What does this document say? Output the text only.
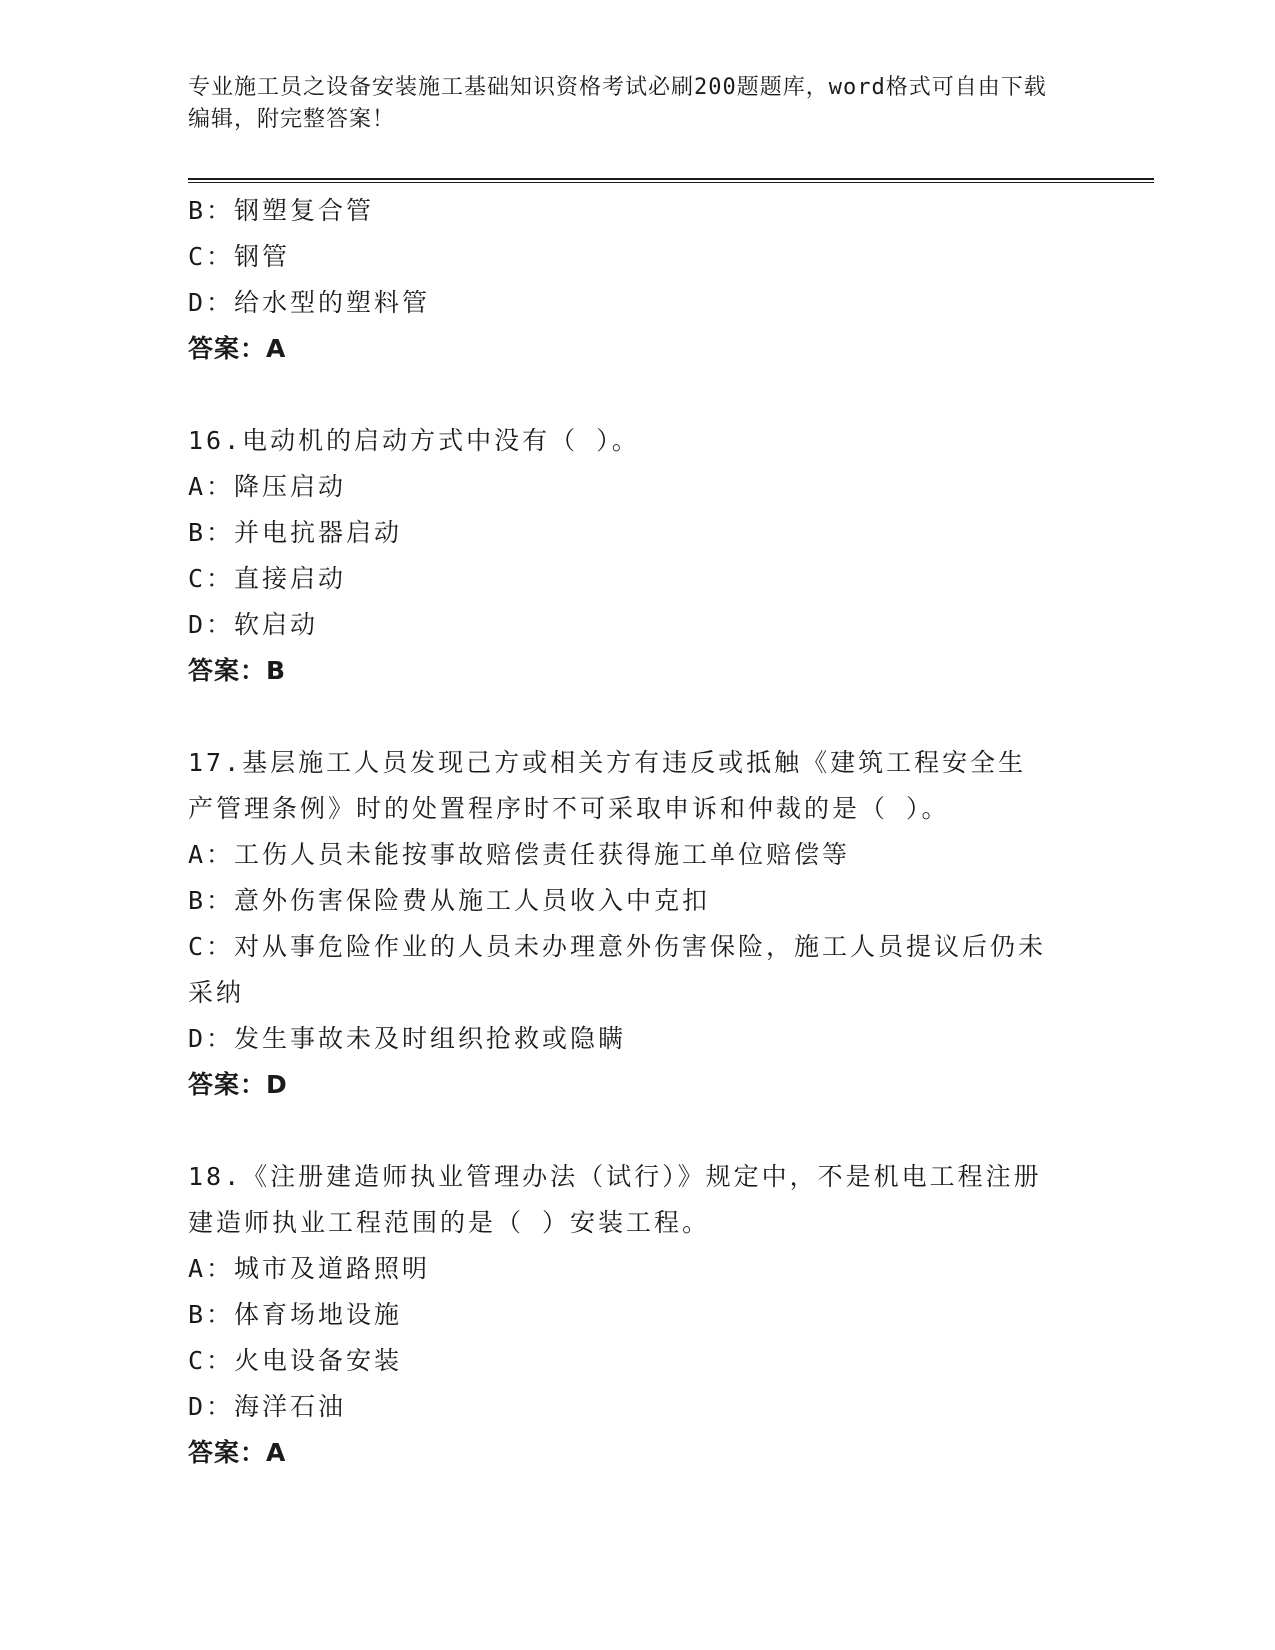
专业施工员之设备安装施工基础知识资格考试必刷200题题库，word格式可自由下载编辑，附完整答案！
B：钢塑复合管
C：钢管
D：给水型的塑料管
答案：A
16.电动机的启动方式中没有（ ）。
A：降压启动
B：并电抗器启动
C：直接启动
D：软启动
答案：B
17.基层施工人员发现己方或相关方有违反或抵触《建筑工程安全生产管理条例》时的处置程序时不可采取申诉和仲裁的是（ ）。
A：工伤人员未能按事故赔偿责任获得施工单位赔偿等
B：意外伤害保险费从施工人员收入中克扣
C：对从事危险作业的人员未办理意外伤害保险，施工人员提议后仍未采纳
D：发生事故未及时组织抢救或隐瞒
答案：D
18.《注册建造师执业管理办法（试行）》规定中，不是机电工程注册建造师执业工程范围的是（ ）安装工程。
A：城市及道路照明
B：体育场地设施
C：火电设备安装
D：海洋石油
答案：A
